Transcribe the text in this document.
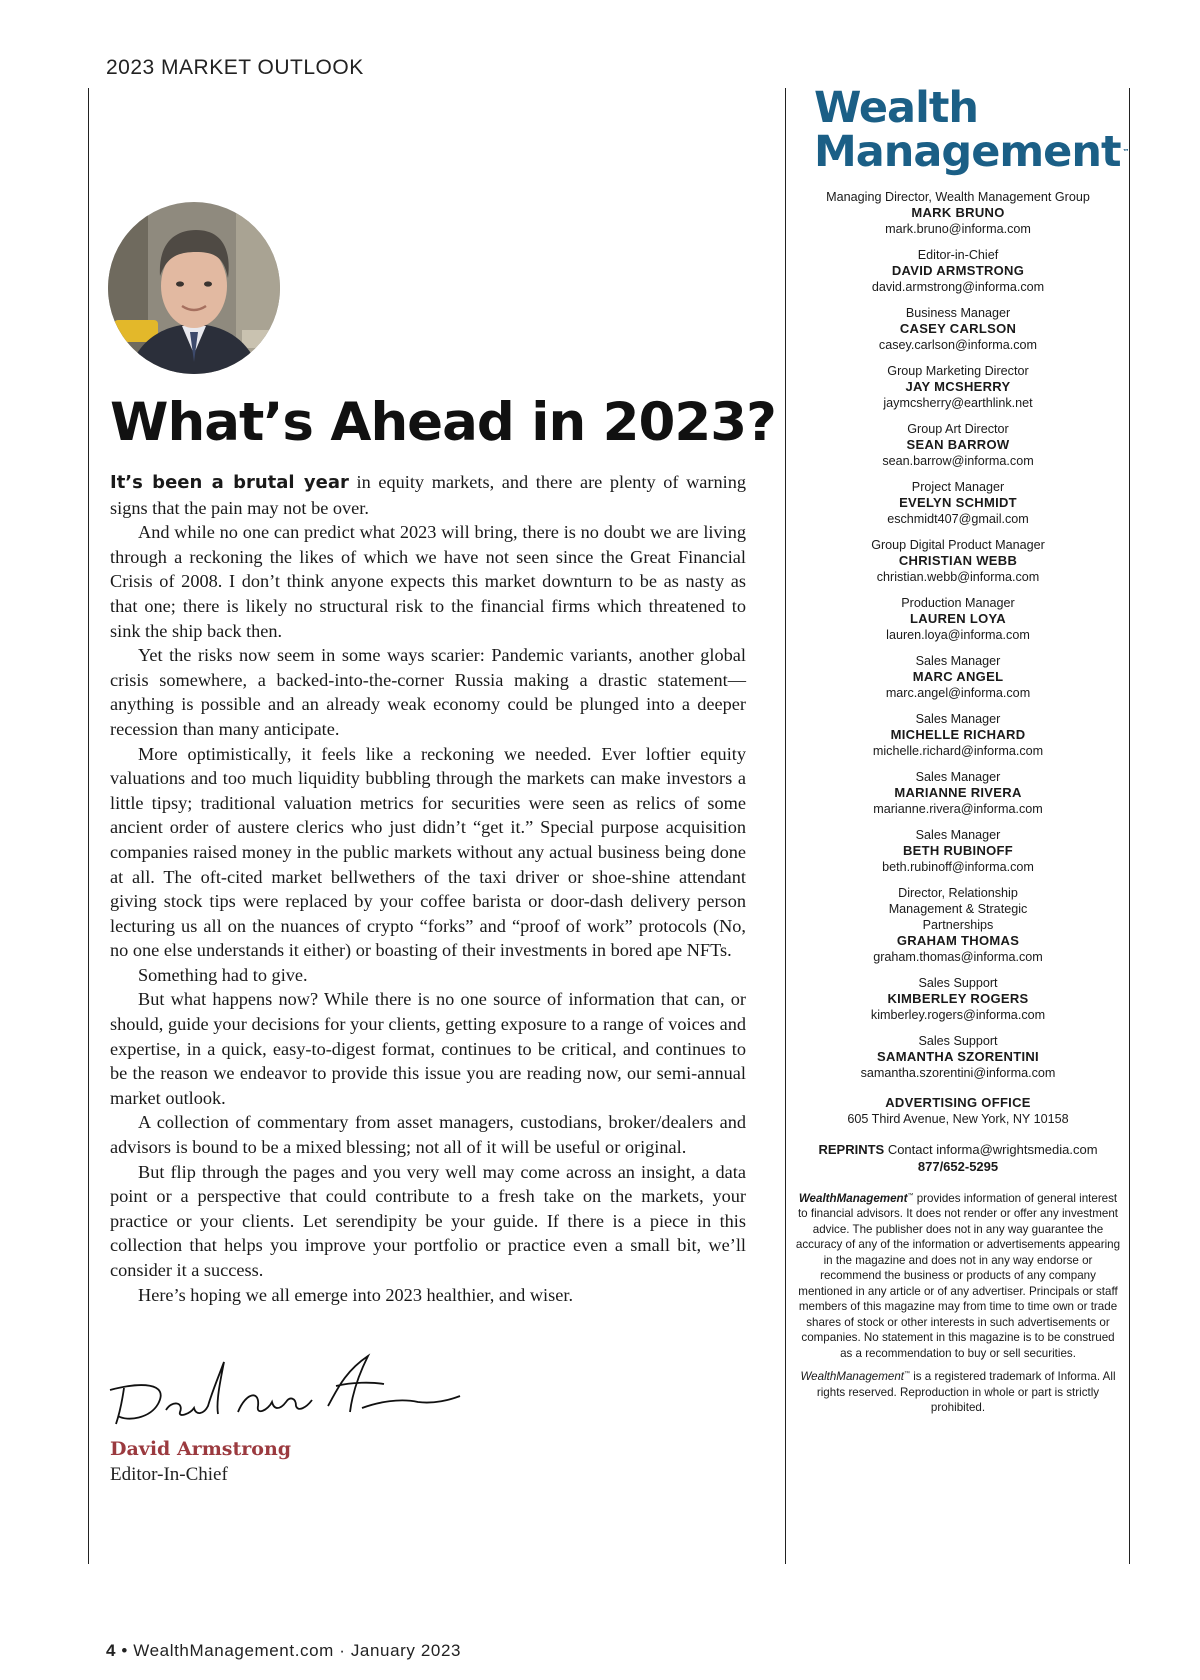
2023 MARKET OUTLOOK
What’s Ahead in 2023?

It’s been a brutal year in equity markets, and there are plenty of warning signs that the pain may not be over.

And while no one can predict what 2023 will bring, there is no doubt we are living through a reckoning the likes of which we have not seen since the Great Financial Crisis of 2008. I don’t think anyone expects this market downturn to be as nasty as that one; there is likely no structural risk to the financial firms which threatened to sink the ship back then.

Yet the risks now seem in some ways scarier: Pandemic variants, another global crisis somewhere, a backed-into-the-corner Russia making a drastic statement—anything is possible and an already weak economy could be plunged into a deeper recession than many anticipate.

More optimistically, it feels like a reckoning we needed. Ever loftier equity valuations and too much liquidity bubbling through the markets can make investors a little tipsy; traditional valuation metrics for securities were seen as relics of some ancient order of austere clerics who just didn’t “get it.” Special purpose acquisition companies raised money in the public markets without any actual business being done at all. The oft-cited market bellwethers of the taxi driver or shoe-shine attendant giving stock tips were replaced by your coffee barista or door-dash delivery person lecturing us all on the nuances of crypto “forks” and “proof of work” protocols (No, no one else understands it either) or boasting of their investments in bored ape NFTs.

Something had to give.

But what happens now? While there is no one source of information that can, or should, guide your decisions for your clients, getting exposure to a range of voices and expertise, in a quick, easy-to-digest format, continues to be critical, and continues to be the reason we endeavor to provide this issue you are reading now, our semi-annual market outlook.

A collection of commentary from asset managers, custodians, broker/dealers and advisors is bound to be a mixed blessing; not all of it will be useful or original.

But flip through the pages and you very well may come across an insight, a data point or a perspective that could contribute to a fresh take on the markets, your practice or your clients. Let serendipity be your guide. If there is a piece in this collection that helps you improve your portfolio or practice even a small bit, we’ll consider it a success.

Here’s hoping we all emerge into 2023 healthier, and wiser.

David Armstrong
Editor-In-Chief
4 • WealthManagement.com · January 2023
Wealth
Management ™
Managing Director, Wealth Management Group
MARK BRUNO
mark.bruno@informa.com
Editor-in-Chief
DAVID ARMSTRONG
david.armstrong@informa.com
Business Manager
CASEY CARLSON
casey.carlson@informa.com
Group Marketing Director
JAY MCSHERRY
jaymcsherry@earthlink.net
Group Art Director
SEAN BARROW
sean.barrow@informa.com
Project Manager
EVELYN SCHMIDT
eschmidt407@gmail.com
Group Digital Product Manager
CHRISTIAN WEBB
christian.webb@informa.com
Production Manager
LAUREN LOYA
lauren.loya@informa.com
Sales Manager
MARC ANGEL
marc.angel@informa.com
Sales Manager
MICHELLE RICHARD
michelle.richard@informa.com
Sales Manager
MARIANNE RIVERA
marianne.rivera@informa.com
Sales Manager
BETH RUBINOFF
beth.rubinoff@informa.com
Director, Relationship Management & Strategic Partnerships
GRAHAM THOMAS
graham.thomas@informa.com
Sales Support
KIMBERLEY ROGERS
kimberley.rogers@informa.com
Sales Support
SAMANTHA SZORENTINI
samantha.szorentini@informa.com
ADVERTISING OFFICE
605 Third Avenue, New York, NY 10158
REPRINTS Contact informa@wrightsmedia.com
877/652-5295
WealthManagement™ provides information of general interest to financial advisors. It does not render or offer any investment advice. The publisher does not in any way guarantee the accuracy of any of the information or advertisements appearing in the magazine and does not in any way endorse or recommend the business or products of any company mentioned in any article or of any advertiser. Principals or staff members of this magazine may from time to time own or trade shares of stock or other interests in such advertisements or companies. No statement in this magazine is to be construed as a recommendation to buy or sell securities.
WealthManagement™ is a registered trademark of Informa. All rights reserved. Reproduction in whole or part is strictly prohibited.
